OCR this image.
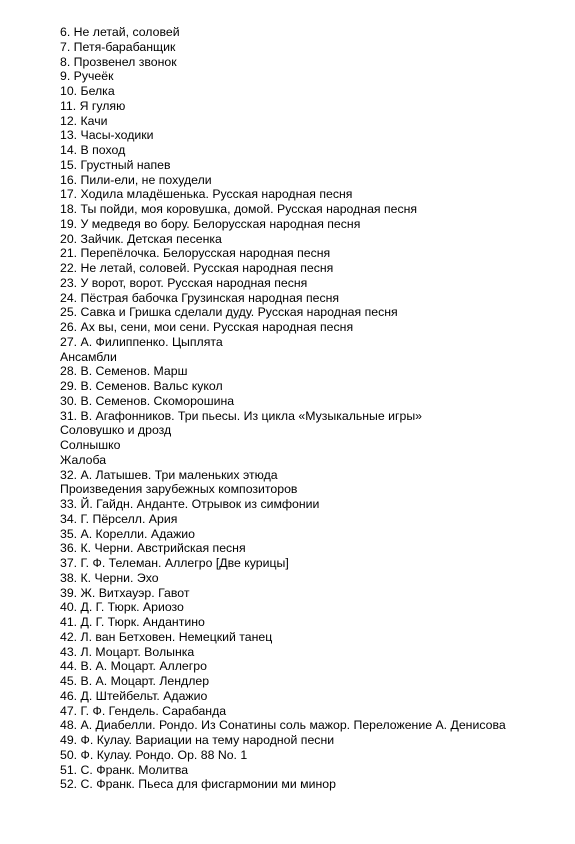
6. Не летай, соловей
7. Петя-барабанщик
8. Прозвенел звонок
9. Ручеёк
10. Белка
11. Я гуляю
12. Качи
13. Часы-ходики
14. В поход
15. Грустный напев
16. Пили-ели, не похудели
17. Ходила младёшенька. Русская народная песня
18. Ты пойди, моя коровушка, домой. Русская народная песня
19. У медведя во бору. Белорусская народная песня
20. Зайчик. Детская песенка
21. Перепёлочка. Белорусская народная песня
22. Не летай, соловей. Русская народная песня
23. У ворот, ворот. Русская народная песня
24. Пёстрая бабочка Грузинская народная песня
25. Савка и Гришка сделали дуду. Русская народная песня
26. Ах вы, сени, мои сени. Русская народная песня
27. А. Филиппенко. Цыплята
Ансамбли
28. В. Семенов. Марш
29. В. Семенов. Вальс кукол
30. В. Семенов. Скоморошина
31. В. Агафонников. Три пьесы. Из цикла «Музыкальные игры»
Соловушко и дрозд
Солнышко
Жалоба
32. А. Латышев. Три маленьких этюда
Произведения зарубежных композиторов
33. Й. Гайдн. Анданте. Отрывок из симфонии
34. Г. Пёрселл. Ария
35. А. Корелли. Адажио
36. К. Черни. Австрийская песня
37. Г. Ф. Телеман. Аллегро [Две курицы]
38. К. Черни. Эхо
39. Ж. Витхауэр. Гавот
40. Д. Г. Тюрк. Ариозо
41. Д. Г. Тюрк. Андантино
42. Л. ван Бетховен. Немецкий танец
43. Л. Моцарт. Волынка
44. В. А. Моцарт. Аллегро
45. В. А. Моцарт. Лендлер
46. Д. Штейбельт. Адажио
47. Г. Ф. Гендель. Сарабанда
48. А. Диабелли. Рондо. Из Сонатины соль мажор. Переложение А. Денисова
49. Ф. Кулау. Вариации на тему народной песни
50. Ф. Кулау. Рондо. Op. 88 No. 1
51. С. Франк. Молитва
52. С. Франк. Пьеса для фисгармонии ми минор
